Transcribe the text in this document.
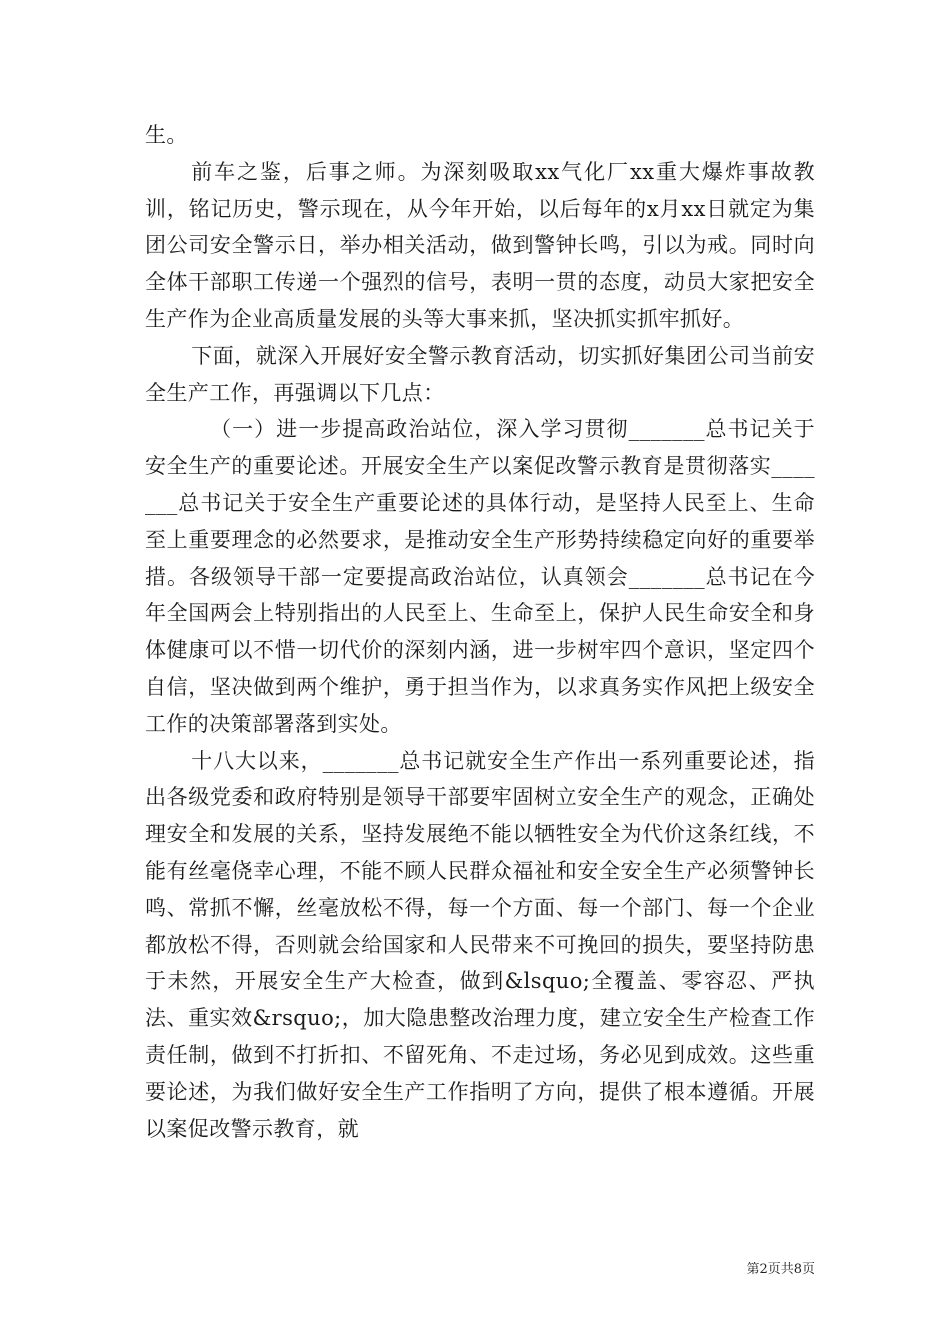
生。

前车之鉴，后事之师。为深刻吸取xx气化厂xx重大爆炸事故教训，铭记历史，警示现在，从今年开始，以后每年的x月xx日就定为集团公司安全警示日，举办相关活动，做到警钟长鸣，引以为戒。同时向全体干部职工传递一个强烈的信号，表明一贯的态度，动员大家把安全生产作为企业高质量发展的头等大事来抓，坚决抓实抓牢抓好。

下面，就深入开展好安全警示教育活动，切实抓好集团公司当前安全生产工作，再强调以下几点：

（一）进一步提高政治站位，深入学习贯彻_______总书记关于安全生产的重要论述。开展安全生产以案促改警示教育是贯彻落实_______总书记关于安全生产重要论述的具体行动，是坚持人民至上、生命至上重要理念的必然要求，是推动安全生产形势持续稳定向好的重要举措。各级领导干部一定要提高政治站位，认真领会_______总书记在今年全国两会上特别指出的人民至上、生命至上，保护人民生命安全和身体健康可以不惜一切代价的深刻内涵，进一步树牢四个意识，坚定四个自信，坚决做到两个维护，勇于担当作为，以求真务实作风把上级安全工作的决策部署落到实处。

十八大以来，_______总书记就安全生产作出一系列重要论述，指出各级党委和政府特别是领导干部要牢固树立安全生产的观念，正确处理安全和发展的关系，坚持发展绝不能以牺牲安全为代价这条红线，不能有丝毫侥幸心理，不能不顾人民群众福祉和安全安全生产必须警钟长鸣、常抓不懈，丝毫放松不得，每一个方面、每一个部门、每一个企业都放松不得，否则就会给国家和人民带来不可挽回的损失，要坚持防患于未然，开展安全生产大检查，做到&lsquo;全覆盖、零容忍、严执法、重实效&rsquo;，加大隐患整改治理力度，建立安全生产检查工作责任制，做到不打折扣、不留死角、不走过场，务必见到成效。这些重要论述，为我们做好安全生产工作指明了方向，提供了根本遵循。开展以案促改警示教育，就

第2页共8页
